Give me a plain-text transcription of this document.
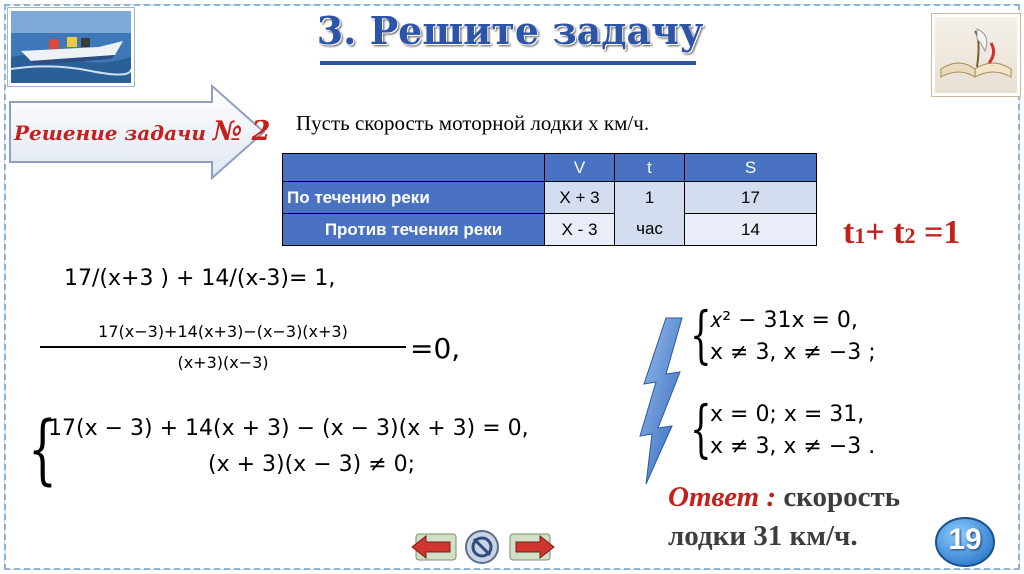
3. Решите задачу
Решение задачи № 2 Пусть скорость моторной лодки х км/ч.
	V	t	S
По течению реки	X + 3	1	17
Против течения реки	X - 3	час	14 t1+ t2 =1
17/(x+3 ) + 14/(x-3)= 1,
$\frac{17(x-3)+14(x+3)-(x-3)(x+3)}{(x+3)(x-3)} =0$,
{
17(x − 3) + 14(x + 3) − (x − 3)(x + 3) = 0,
(x + 3)(x − 3) ≠ 0;
{
𝑥² − 31x = 0,
x ≠ 3, x ≠ −3 ;
{
x = 0; x = 31,
x ≠ 3, x ≠ −3 .
Ответ : скорость
лодки 31 км/ч.	19
